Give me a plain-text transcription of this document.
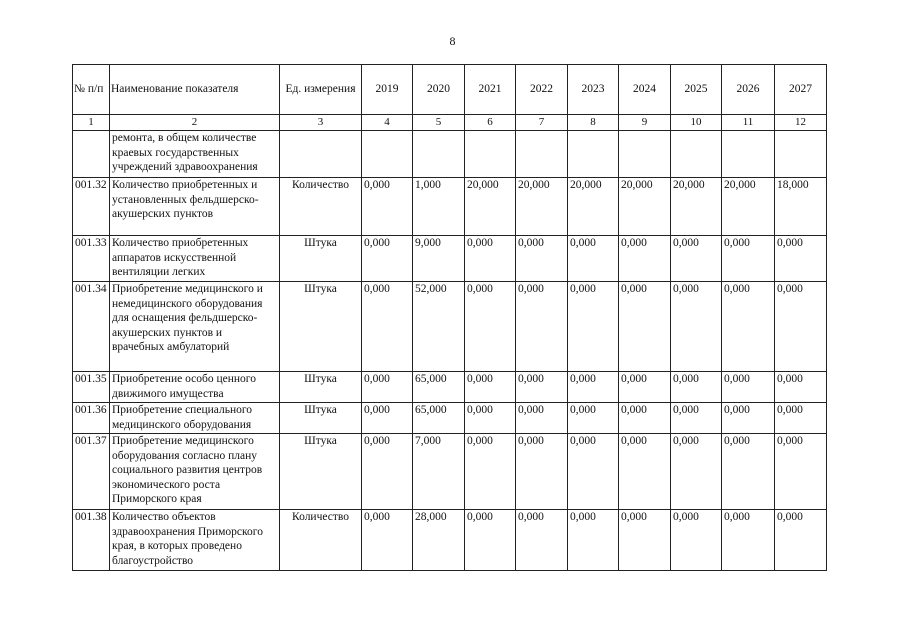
8
№ п/п	Наименование показателя	Ед. измерения	2019	2020	2021	2022	2023	2024	2025	2026	2027
1	2	3	4	5	6	7	8	9	10	11	12
	ремонта, в общем количестве краевых государственных учреждений здравоохранения										
001.32	Количество приобретенных и установленных фельдшерско-акушерских пунктов	Количество	0,000	1,000	20,000	20,000	20,000	20,000	20,000	20,000	18,000
001.33	Количество приобретенных аппаратов искусственной вентиляции легких	Штука	0,000	9,000	0,000	0,000	0,000	0,000	0,000	0,000	0,000
001.34	Приобретение медицинского и немедицинского оборудования для оснащения фельдшерско-акушерских пунктов и врачебных амбулаторий	Штука	0,000	52,000	0,000	0,000	0,000	0,000	0,000	0,000	0,000
001.35	Приобретение особо ценного движимого имущества	Штука	0,000	65,000	0,000	0,000	0,000	0,000	0,000	0,000	0,000
001.36	Приобретение специального медицинского оборудования	Штука	0,000	65,000	0,000	0,000	0,000	0,000	0,000	0,000	0,000
001.37	Приобретение медицинского оборудования согласно плану социального развития центров экономического роста Приморского края	Штука	0,000	7,000	0,000	0,000	0,000	0,000	0,000	0,000	0,000
001.38	Количество объектов здравоохранения Приморского края, в которых проведено благоустройство	Количество	0,000	28,000	0,000	0,000	0,000	0,000	0,000	0,000	0,000
